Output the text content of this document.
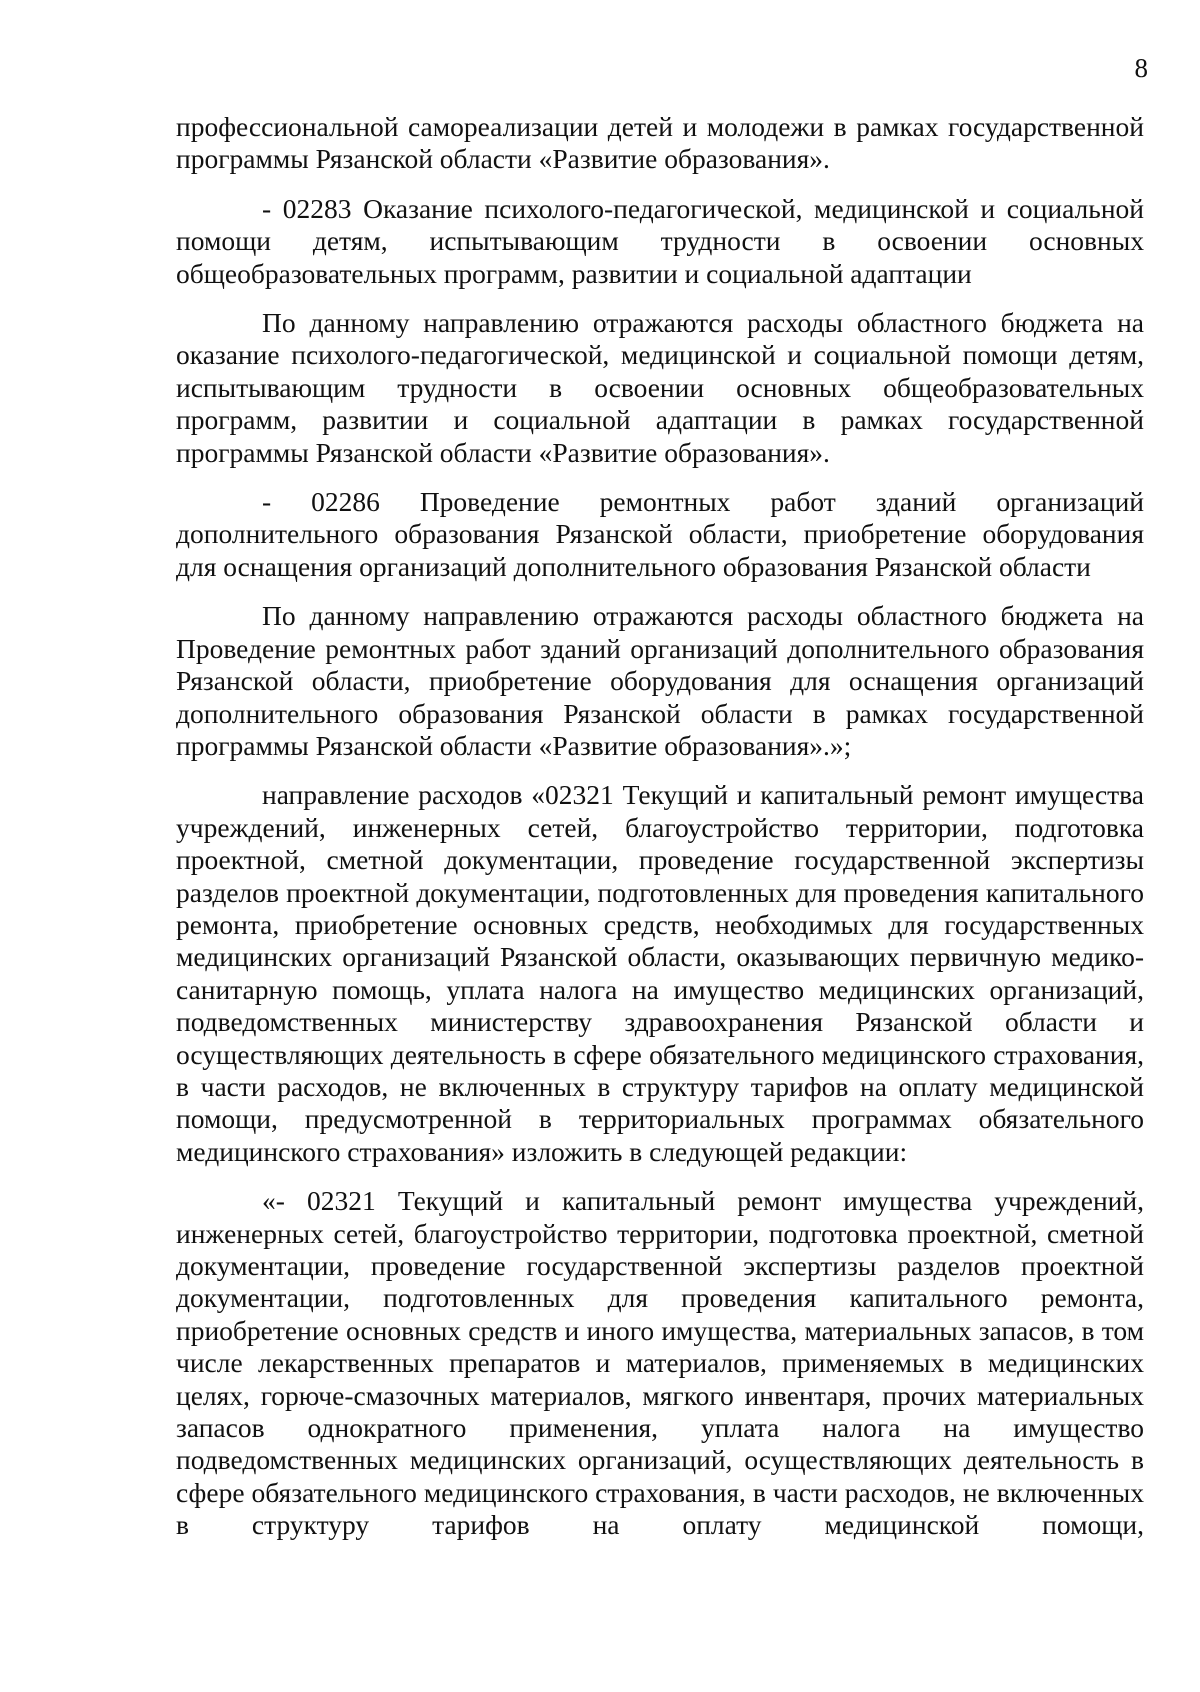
8

профессиональной самореализации детей и молодежи в рамках государственной программы Рязанской области «Развитие образования».

- 02283 Оказание психолого-педагогической, медицинской и социальной помощи детям, испытывающим трудности в освоении основных общеобразовательных программ, развитии и социальной адаптации

По данному направлению отражаются расходы областного бюджета на оказание психолого-педагогической, медицинской и социальной помощи детям, испытывающим трудности в освоении основных общеобразовательных программ, развитии и социальной адаптации в рамках государственной программы Рязанской области «Развитие образования».

- 02286 Проведение ремонтных работ зданий организаций дополнительного образования Рязанской области, приобретение оборудования для оснащения организаций дополнительного образования Рязанской области

По данному направлению отражаются расходы областного бюджета на Проведение ремонтных работ зданий организаций дополнительного образования Рязанской области, приобретение оборудования для оснащения организаций дополнительного образования Рязанской области в рамках государственной программы Рязанской области «Развитие образования».»;

направление расходов «02321 Текущий и капитальный ремонт имущества учреждений, инженерных сетей, благоустройство территории, подготовка проектной, сметной документации, проведение государственной экспертизы разделов проектной документации, подготовленных для проведения капитального ремонта, приобретение основных средств, необходимых для государственных медицинских организаций Рязанской области, оказывающих первичную медико-санитарную помощь, уплата налога на имущество медицинских организаций, подведомственных министерству здравоохранения Рязанской области и осуществляющих деятельность в сфере обязательного медицинского страхования, в части расходов, не включенных в структуру тарифов на оплату медицинской помощи, предусмотренной в территориальных программах обязательного медицинского страхования» изложить в следующей редакции:

«- 02321 Текущий и капитальный ремонт имущества учреждений, инженерных сетей, благоустройство территории, подготовка проектной, сметной документации, проведение государственной экспертизы разделов проектной документации, подготовленных для проведения капитального ремонта, приобретение основных средств и иного имущества, материальных запасов, в том числе лекарственных препаратов и материалов, применяемых в медицинских целях, горюче-смазочных материалов, мягкого инвентаря, прочих материальных запасов однократного применения, уплата налога на имущество подведомственных медицинских организаций, осуществляющих деятельность в сфере обязательного медицинского страхования, в части расходов, не включенных в структуру тарифов на оплату медицинской помощи,
